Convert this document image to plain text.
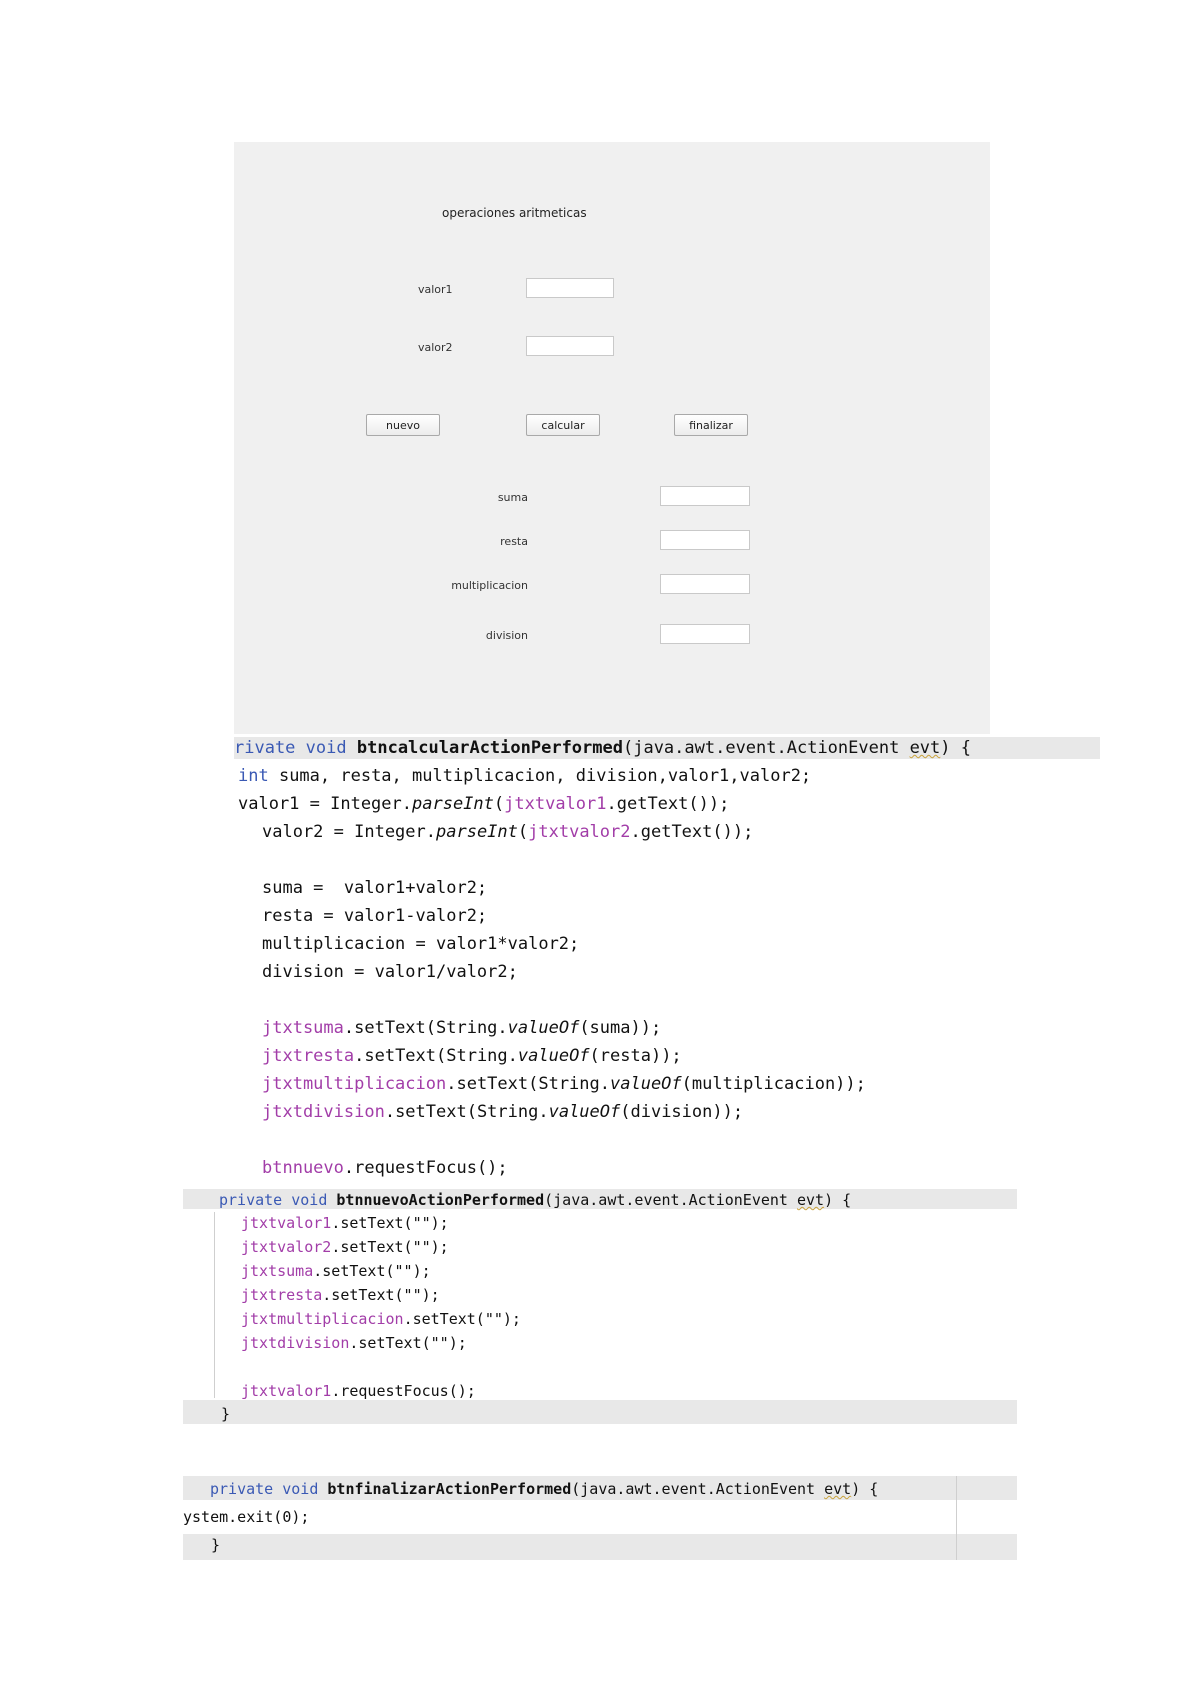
operaciones aritmeticas
valor1
valor2
nuevo	calcular	finalizar
suma
resta
multiplicacion
division

rivate void btncalcularActionPerformed(java.awt.event.ActionEvent evt) {

int suma, resta, multiplicacion, division,valor1,valor2;

valor1 = Integer.parseInt(jtxtvalor1.getText());

valor2 = Integer.parseInt(jtxtvalor2.getText());

suma =  valor1+valor2;

resta = valor1-valor2;

multiplicacion = valor1*valor2;

division = valor1/valor2;

jtxtsuma.setText(String.valueOf(suma));

jtxtresta.setText(String.valueOf(resta));

jtxtmultiplicacion.setText(String.valueOf(multiplicacion));

jtxtdivision.setText(String.valueOf(division));

btnnuevo.requestFocus();

private void btnnuevoActionPerformed(java.awt.event.ActionEvent evt) {

jtxtvalor1.setText("");

jtxtvalor2.setText("");

jtxtsuma.setText("");

jtxtresta.setText("");

jtxtmultiplicacion.setText("");

jtxtdivision.setText("");

jtxtvalor1.requestFocus();

}

private void btnfinalizarActionPerformed(java.awt.event.ActionEvent evt) {

ystem.exit(0);

}
